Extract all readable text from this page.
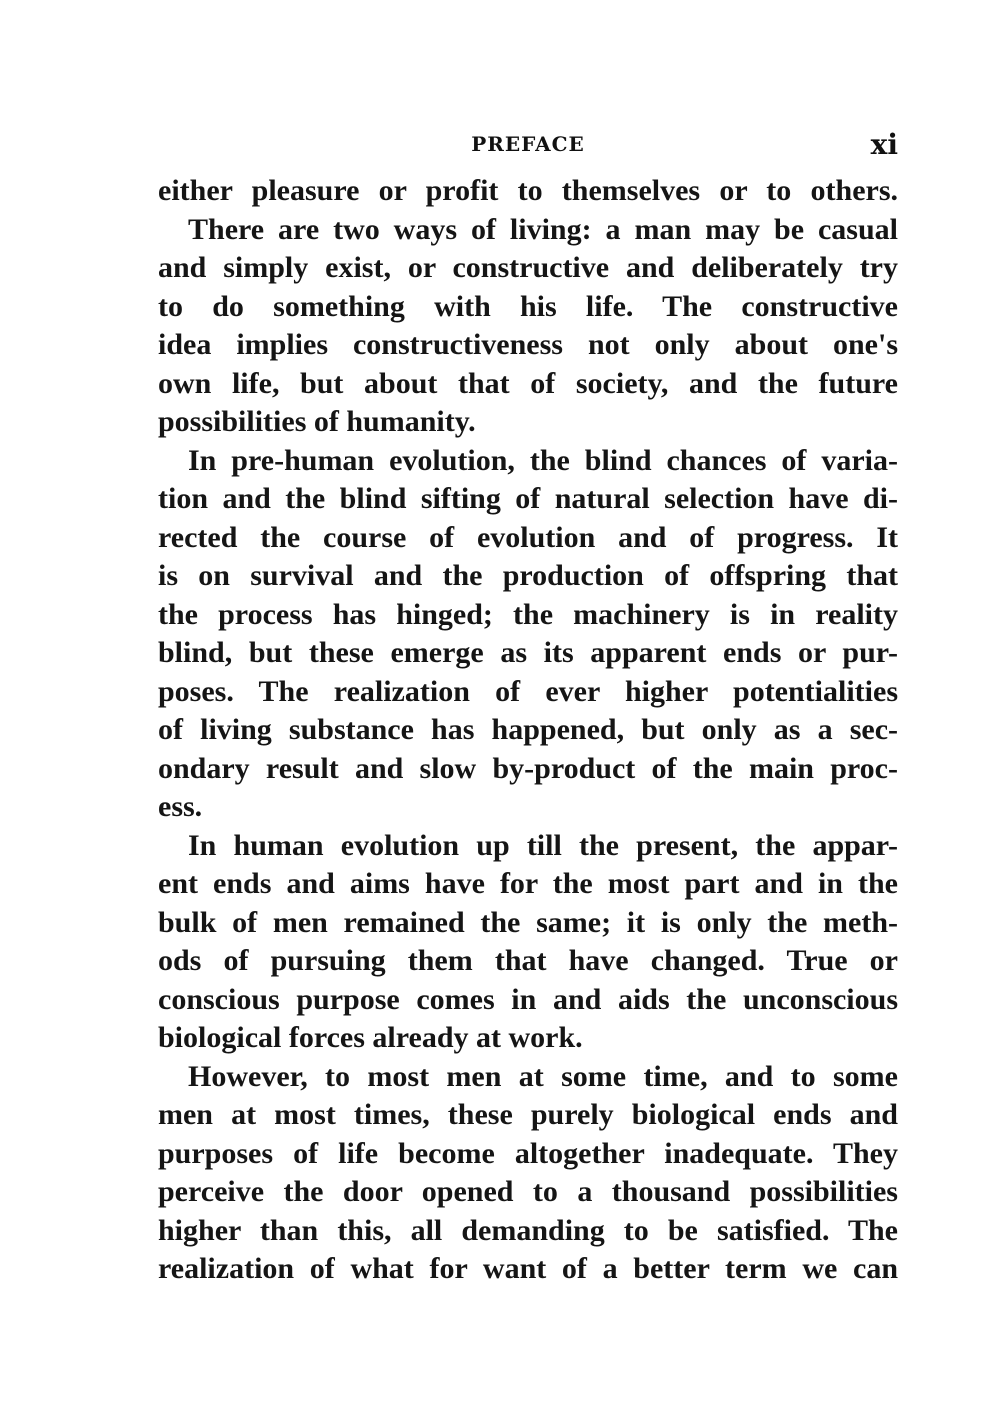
PREFACE	xi
either pleasure or profit to themselves or to others.
There are two ways of living: a man may be casual
and simply exist, or constructive and deliberately try
to do something with his life. The constructive
idea implies constructiveness not only about one's
own life, but about that of society, and the future
possibilities of humanity.
In pre-human evolution, the blind chances of varia-
tion and the blind sifting of natural selection have di-
rected the course of evolution and of progress. It
is on survival and the production of offspring that
the process has hinged; the machinery is in reality
blind, but these emerge as its apparent ends or pur-
poses. The realization of ever higher potentialities
of living substance has happened, but only as a sec-
ondary result and slow by-product of the main proc-
ess.
In human evolution up till the present, the appar-
ent ends and aims have for the most part and in the
bulk of men remained the same; it is only the meth-
ods of pursuing them that have changed. True or
conscious purpose comes in and aids the unconscious
biological forces already at work.
However, to most men at some time, and to some
men at most times, these purely biological ends and
purposes of life become altogether inadequate. They
perceive the door opened to a thousand possibilities
higher than this, all demanding to be satisfied. The
realization of what for want of a better term we can
